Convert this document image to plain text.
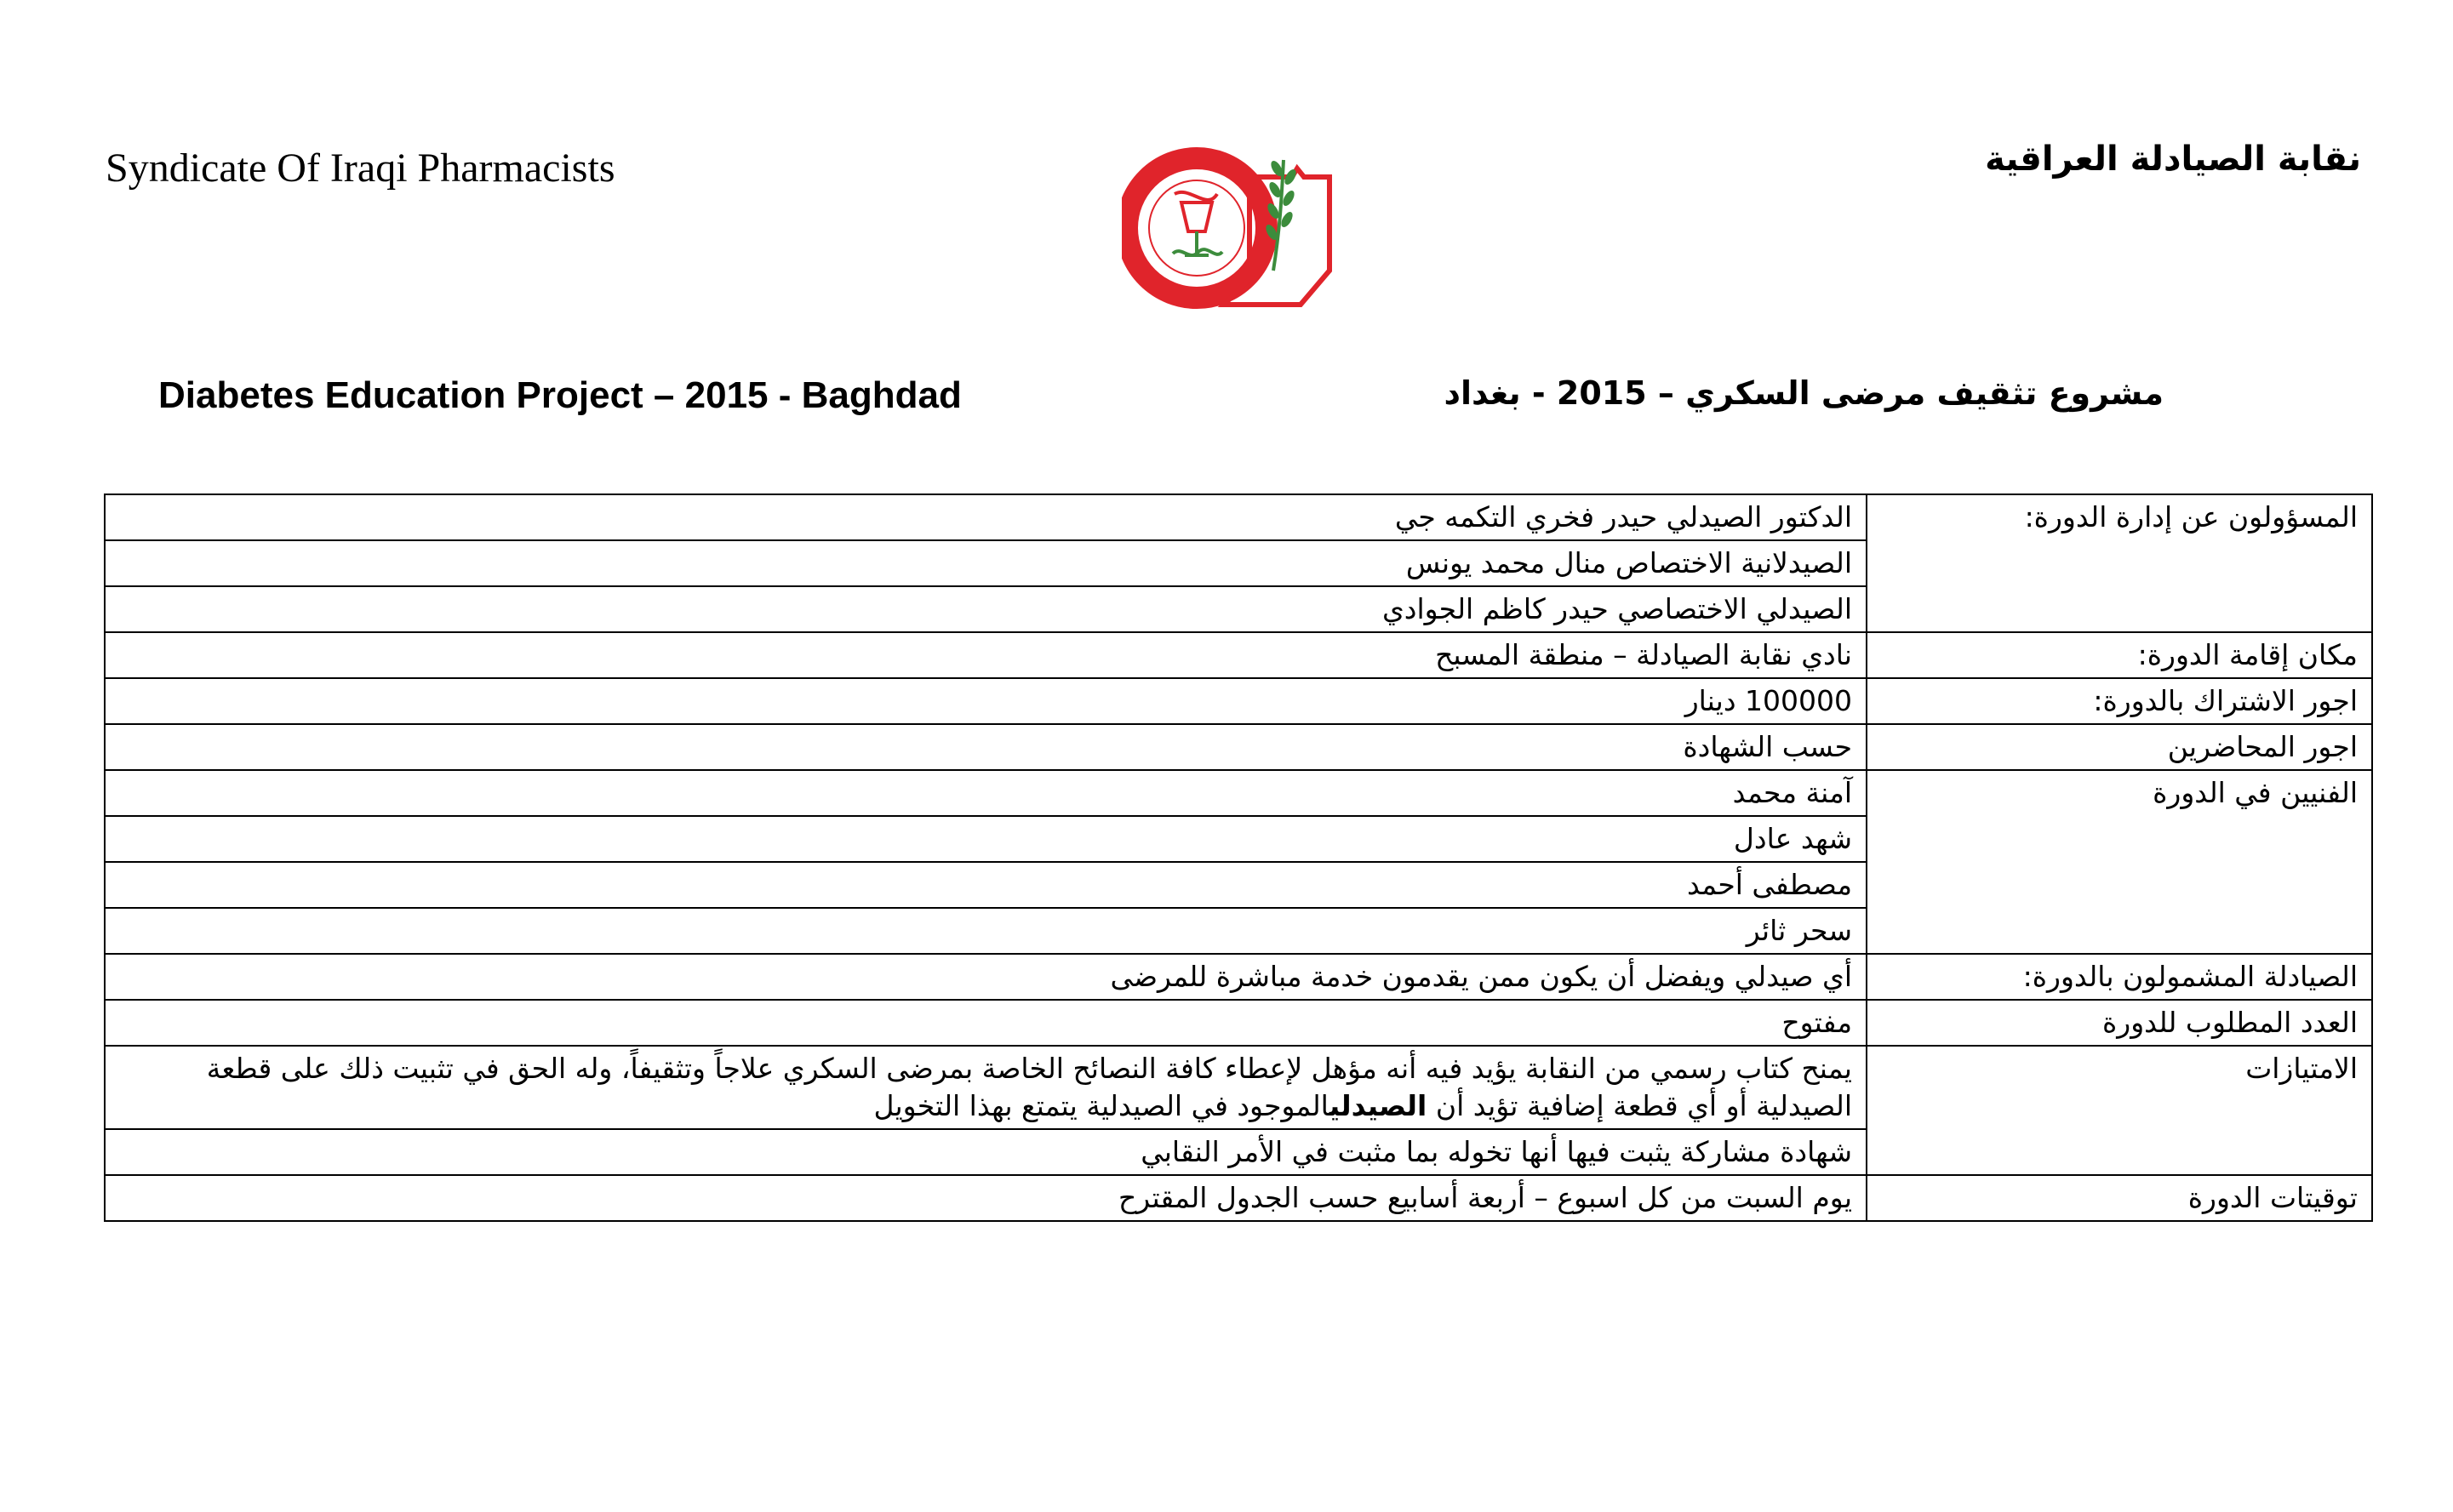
Syndicate Of Iraqi Pharmacists	نقابة الصيادلة العراقية
Diabetes Education Project – 2015 - Baghdad	مشروع تثقيف مرضى السكري – 2015 - بغداد
المسؤولون عن إدارة الدورة:	الدكتور الصيدلي حيدر فخري التكمه جي
	الصيدلانية الاختصاص منال محمد يونس
	الصيدلي الاختصاصي حيدر كاظم الجوادي
مكان إقامة الدورة:	نادي نقابة الصيادلة – منطقة المسبح
اجور الاشتراك بالدورة:	100000 دينار
اجور المحاضرين	حسب الشهادة
الفنيين في الدورة	آمنة محمد
	شهد عادل
	مصطفى أحمد
	سحر ثائر
الصيادلة المشمولون بالدورة:	أي صيدلي ويفضل أن يكون ممن يقدمون خدمة مباشرة للمرضى
العدد المطلوب للدورة	مفتوح
الامتيازات	يمنح كتاب رسمي من النقابة يؤيد فيه أنه مؤهل لإعطاء كافة النصائح الخاصة بمرضى السكري علاجاً وتثقيفاً، وله الحق في تثبيت ذلك على قطعة الصيدلية أو أي قطعة إضافية تؤيد أن الصيدليالموجود في الصيدلية يتمتع بهذا التخويل
	شهادة مشاركة يثبت فيها أنها تخوله بما مثبت في الأمر النقابي
توقيتات الدورة	يوم السبت من كل اسبوع – أربعة أسابيع حسب الجدول المقترح
